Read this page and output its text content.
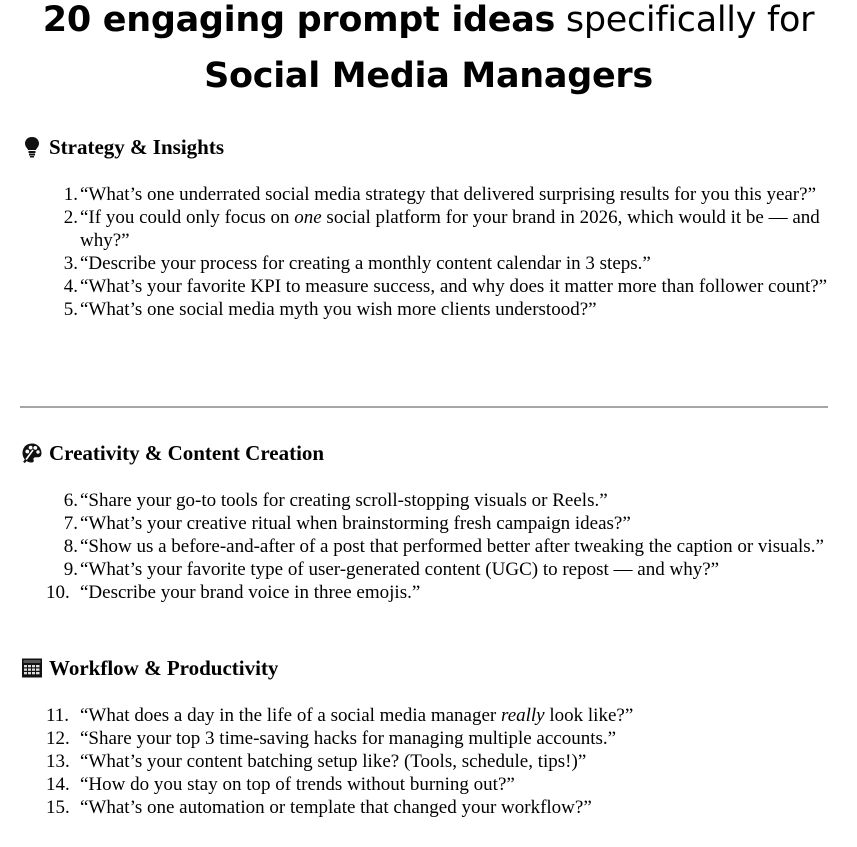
20 engaging prompt ideas specifically for
Social Media Managers
Strategy & Insights
1. “What’s one underrated social media strategy that delivered surprising results for you this year?”
2. “If you could only focus on one social platform for your brand in 2026, which would it be — and why?”
3. “Describe your process for creating a monthly content calendar in 3 steps.”
4. “What’s your favorite KPI to measure success, and why does it matter more than follower count?”
5. “What’s one social media myth you wish more clients understood?”
Creativity & Content Creation
6. “Share your go-to tools for creating scroll-stopping visuals or Reels.”
7. “What’s your creative ritual when brainstorming fresh campaign ideas?”
8. “Show us a before-and-after of a post that performed better after tweaking the caption or visuals.”
9. “What’s your favorite type of user-generated content (UGC) to repost — and why?”
10. “Describe your brand voice in three emojis.”
Workflow & Productivity
11. “What does a day in the life of a social media manager really look like?”
12. “Share your top 3 time-saving hacks for managing multiple accounts.”
13. “What’s your content batching setup like? (Tools, schedule, tips!)”
14. “How do you stay on top of trends without burning out?”
15. “What’s one automation or template that changed your workflow?”
